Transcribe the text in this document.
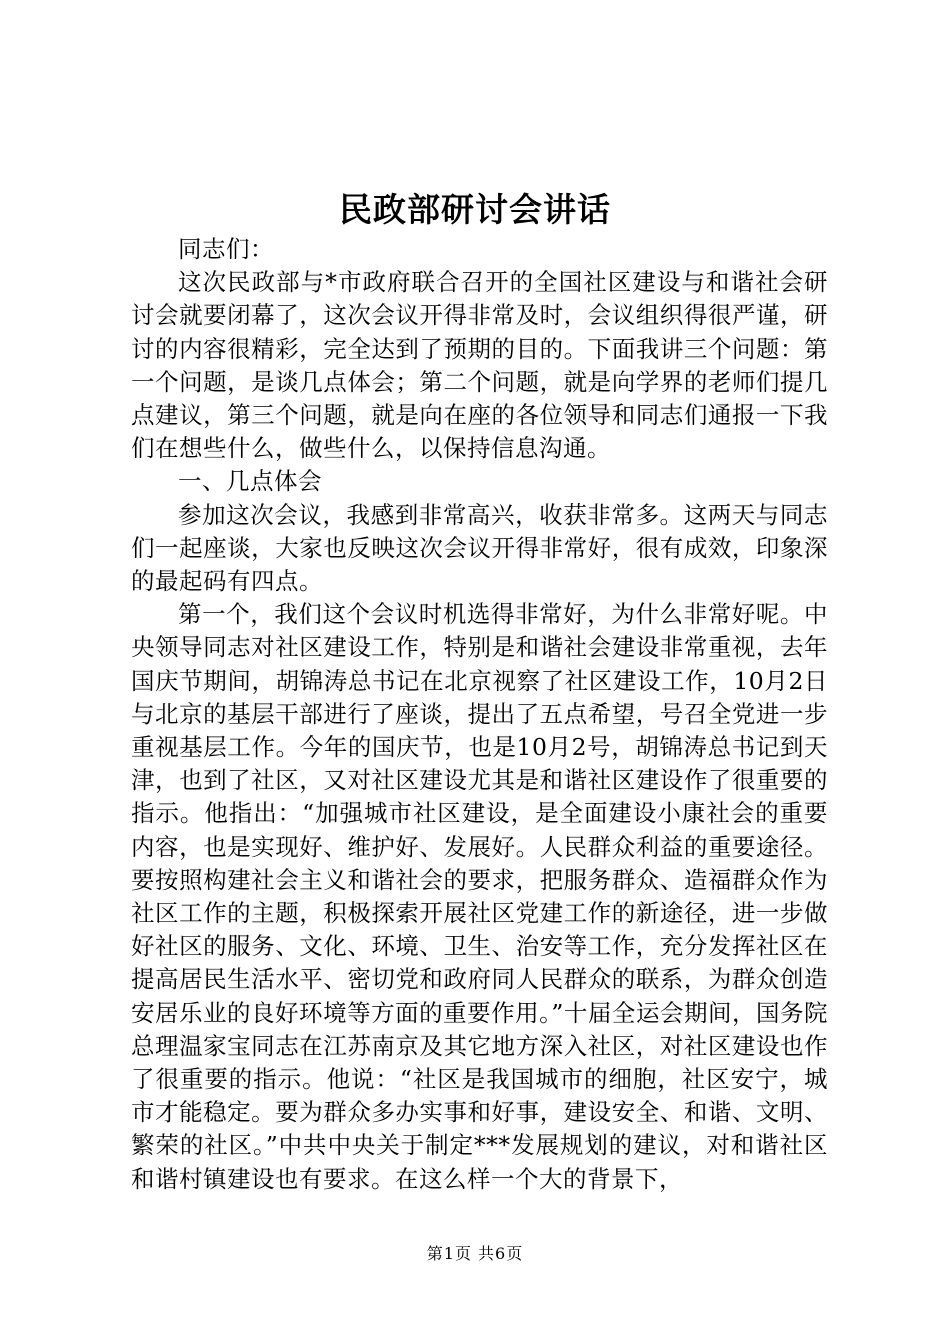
民政部研讨会讲话

同志们：

这次民政部与*市政府联合召开的全国社区建设与和谐社会研讨会就要闭幕了，这次会议开得非常及时，会议组织得很严谨，研讨的内容很精彩，完全达到了预期的目的。下面我讲三个问题：第一个问题，是谈几点体会；第二个问题，就是向学界的老师们提几点建议，第三个问题，就是向在座的各位领导和同志们通报一下我们在想些什么，做些什么，以保持信息沟通。

一、几点体会

参加这次会议，我感到非常高兴，收获非常多。这两天与同志们一起座谈，大家也反映这次会议开得非常好，很有成效，印象深的最起码有四点。

第一个，我们这个会议时机选得非常好，为什么非常好呢。中央领导同志对社区建设工作，特别是和谐社会建设非常重视，去年国庆节期间，胡锦涛总书记在北京视察了社区建设工作，10月2日与北京的基层干部进行了座谈，提出了五点希望，号召全党进一步重视基层工作。今年的国庆节，也是10月2号，胡锦涛总书记到天津，也到了社区，又对社区建设尤其是和谐社区建设作了很重要的指示。他指出：“加强城市社区建设，是全面建设小康社会的重要内容，也是实现好、维护好、发展好。人民群众利益的重要途径。要按照构建社会主义和谐社会的要求，把服务群众、造福群众作为社区工作的主题，积极探索开展社区党建工作的新途径，进一步做好社区的服务、文化、环境、卫生、治安等工作，充分发挥社区在提高居民生活水平、密切党和政府同人民群众的联系，为群众创造安居乐业的良好环境等方面的重要作用。”十届全运会期间，国务院总理温家宝同志在江苏南京及其它地方深入社区，对社区建设也作了很重要的指示。他说：“社区是我国城市的细胞，社区安宁，城市才能稳定。要为群众多办实事和好事，建设安全、和谐、文明、繁荣的社区。”中共中央关于制定***发展规划的建议，对和谐社区和谐村镇建设也有要求。在这么样一个大的背景下，

第1页 共6页
